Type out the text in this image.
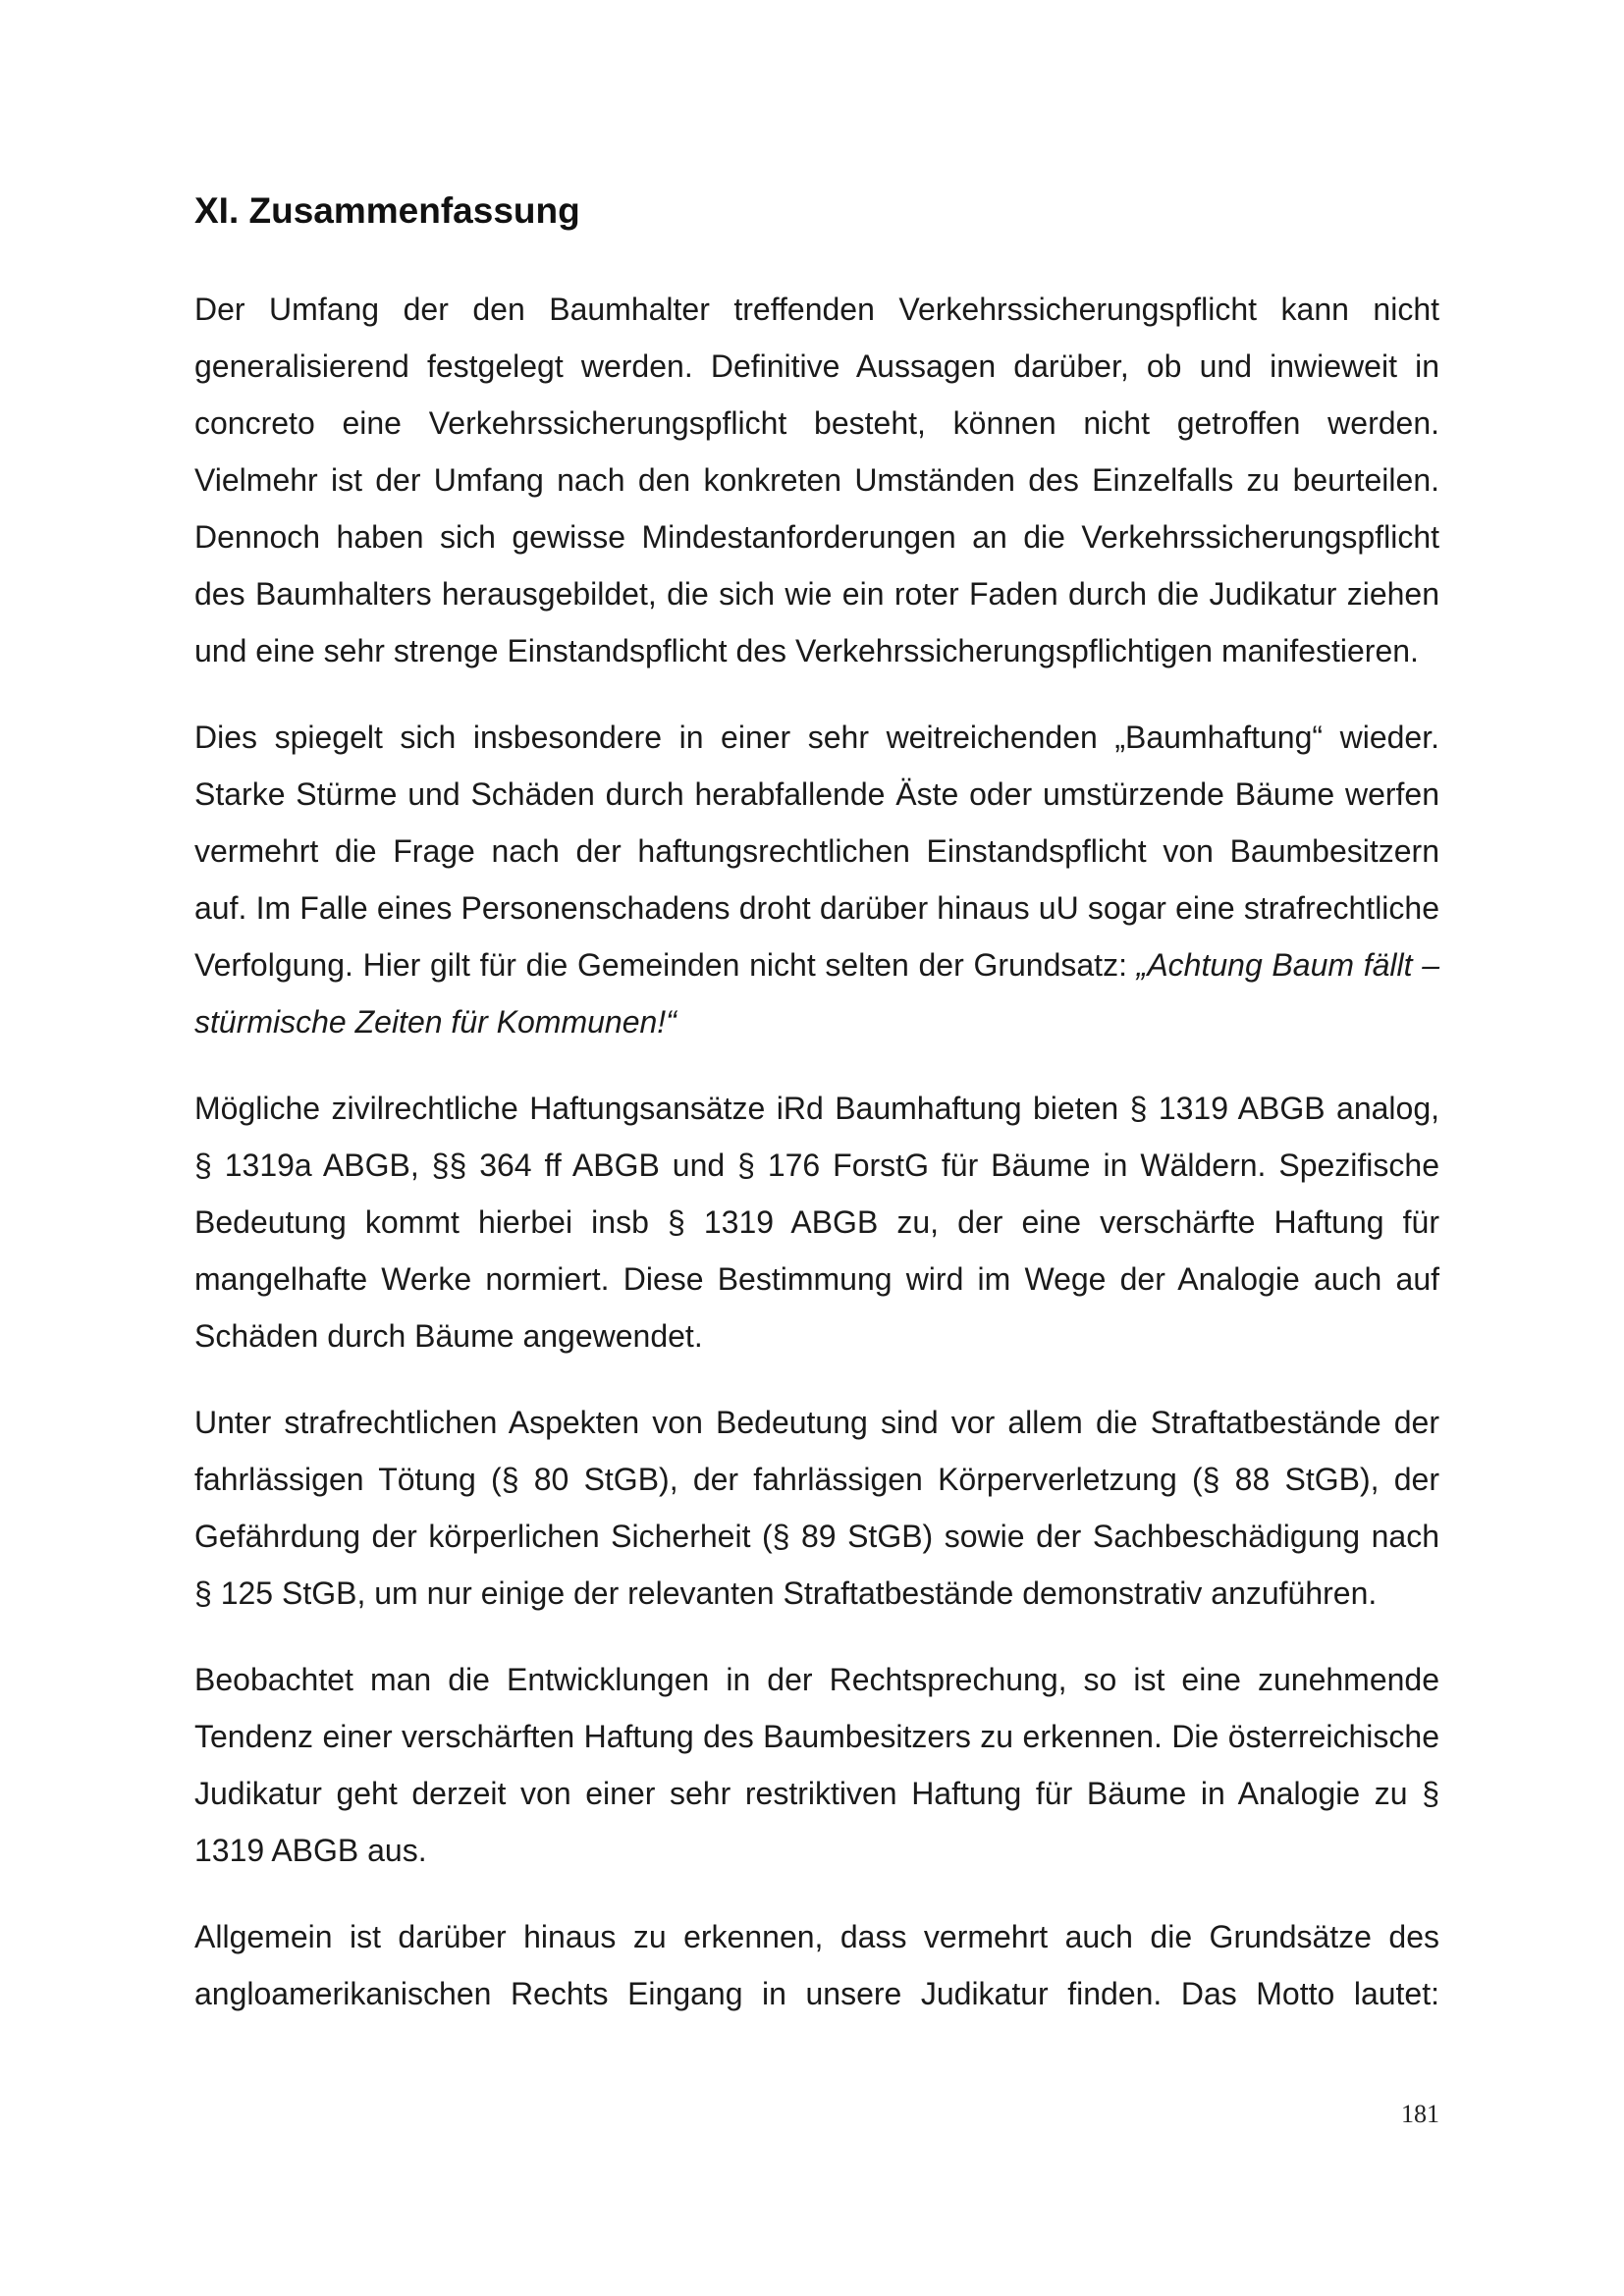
XI. Zusammenfassung

Der Umfang der den Baumhalter treffenden Verkehrssicherungspflicht kann nicht generalisierend festgelegt werden. Definitive Aussagen darüber, ob und inwieweit in concreto eine Verkehrssicherungspflicht besteht, können nicht getroffen werden. Vielmehr ist der Umfang nach den konkreten Umständen des Einzelfalls zu beurteilen. Dennoch haben sich gewisse Mindestanforderungen an die Verkehrssicherungspflicht des Baumhalters herausgebildet, die sich wie ein roter Faden durch die Judikatur ziehen und eine sehr strenge Einstandspflicht des Verkehrssicherungspflichtigen manifestieren.

Dies spiegelt sich insbesondere in einer sehr weitreichenden „Baumhaftung“ wieder. Starke Stürme und Schäden durch herabfallende Äste oder umstürzende Bäume werfen vermehrt die Frage nach der haftungsrechtlichen Einstandspflicht von Baumbesitzern auf. Im Falle eines Personenschadens droht darüber hinaus uU sogar eine strafrechtliche Verfolgung. Hier gilt für die Gemeinden nicht selten der Grundsatz: „Achtung Baum fällt – stürmische Zeiten für Kommunen!“

Mögliche zivilrechtliche Haftungsansätze iRd Baumhaftung bieten § 1319 ABGB analog, § 1319a ABGB, §§ 364 ff ABGB und § 176 ForstG für Bäume in Wäldern. Spezifische Bedeutung kommt hierbei insb § 1319 ABGB zu, der eine verschärfte Haftung für mangelhafte Werke normiert. Diese Bestimmung wird im Wege der Analogie auch auf Schäden durch Bäume angewendet.

Unter strafrechtlichen Aspekten von Bedeutung sind vor allem die Straftatbestände der fahrlässigen Tötung (§ 80 StGB), der fahrlässigen Körperverletzung (§ 88 StGB), der Gefährdung der körperlichen Sicherheit (§ 89 StGB) sowie der Sachbeschädigung nach § 125 StGB, um nur einige der relevanten Straftatbestände demonstrativ anzuführen.

Beobachtet man die Entwicklungen in der Rechtsprechung, so ist eine zunehmende Tendenz einer verschärften Haftung des Baumbesitzers zu erkennen. Die österreichische Judikatur geht derzeit von einer sehr restriktiven Haftung für Bäume in Analogie zu § 1319 ABGB aus.

Allgemein ist darüber hinaus zu erkennen, dass vermehrt auch die Grundsätze des angloamerikanischen Rechts Eingang in unsere Judikatur finden. Das Motto lautet:

181
